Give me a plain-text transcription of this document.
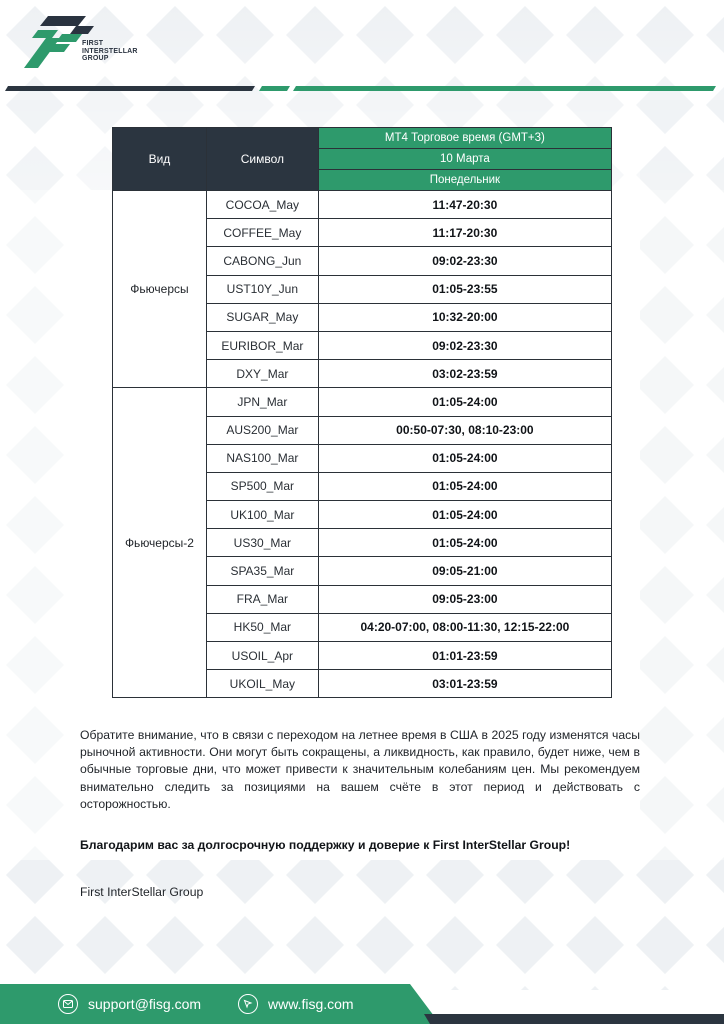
FIRST
INTERSTELLAR
GROUP
Вид	Символ	MT4 Торговое время (GMT+3)
		10 Марта
		Понедельник
Фьючерсы	COCOA_May	11:47-20:30
	COFFEE_May	11:17-20:30
	CABONG_Jun	09:02-23:30
	UST10Y_Jun	01:05-23:55
	SUGAR_May	10:32-20:00
	EURIBOR_Mar	09:02-23:30
	DXY_Mar	03:02-23:59
Фьючерсы-2	JPN_Mar	01:05-24:00
	AUS200_Mar	00:50-07:30, 08:10-23:00
	NAS100_Mar	01:05-24:00
	SP500_Mar	01:05-24:00
	UK100_Mar	01:05-24:00
	US30_Mar	01:05-24:00
	SPA35_Mar	09:05-21:00
	FRA_Mar	09:05-23:00
	HK50_Mar	04:20-07:00, 08:00-11:30, 12:15-22:00
	USOIL_Apr	01:01-23:59
	UKOIL_May	03:01-23:59

Обратите внимание, что в связи с переходом на летнее время в США в 2025 году изменятся часы рыночной активности. Они могут быть сокращены, а ликвидность, как правило, будет ниже, чем в обычные торговые дни, что может привести к значительным колебаниям цен. Мы рекомендуем внимательно следить за позициями на вашем счёте в этот период и действовать с осторожностью.

Благодарим вас за долгосрочную поддержку и доверие к First InterStellar Group!
First InterStellar Group
support@fisg.com	www.fisg.com
